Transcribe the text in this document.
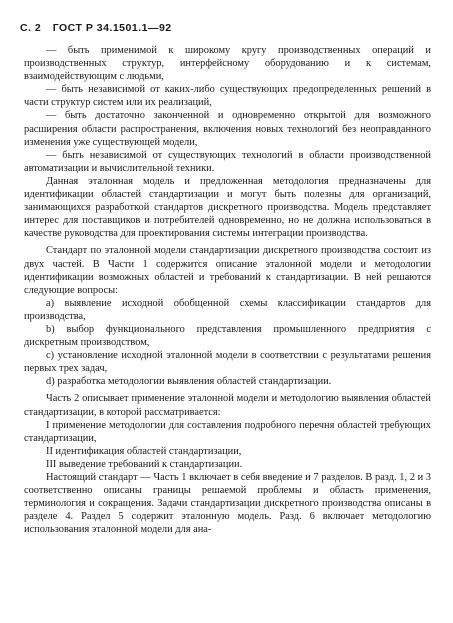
С. 2 ГОСТ Р 34.1501.1—92

— быть применимой к широкому кругу производственных операций и производственных структур, интерфейсному оборудованию и к системам, взаимодействующим с людьми,

— быть независимой от каких-либо существующих предопределенных решений в части структур систем или их реализаций,

— быть достаточно законченной и одновременно открытой для возможного расширения области распространения, включения новых технологий без неоправданного изменения уже существующей модели,

— быть независимой от существующих технологий в области производственной автоматизации и вычислительной техники.

Данная эталонная модель и предложенная методология предназначены для идентификации областей стандартизации и могут быть полезны для организаций, занимающихся разработкой стандартов дискретного производства. Модель представляет интерес для поставщиков и потребителей одновременно, но не должна использоваться в качестве руководства для проектирования системы интеграции производства.

Стандарт по эталонной модели стандартизации дискретного производства состоит из двух частей. В Части 1 содержится описание эталонной модели и методологии идентификации возможных областей и требований к стандартизации. В ней решаются следующие вопросы:

a) выявление исходной обобщенной схемы классификации стандартов для производства,

b) выбор функционального представления промышленного предприятия с дискретным производством,

c) установление исходной эталонной модели в соответствии с результатами решения первых трех задач,

d) разработка методологии выявления областей стандартизации.

Часть 2 описывает применение эталонной модели и методологию выявления областей стандартизации, в которой рассматривается:

I применение методологии для составления подробного перечня областей требующих стандартизации,

II идентификация областей стандартизации,

III выведение требований к стандартизации.

Настоящий стандарт — Часть 1 включает в себя введение и 7 разделов. В разд. 1, 2 и 3 соответственно описаны границы решаемой проблемы и область применения, терминология и сокращения. Задачи стандартизации дискретного производства описаны в разделе 4. Раздел 5 содержит эталонную модель. Разд. 6 включает методологию использования эталонной модели для ана-
